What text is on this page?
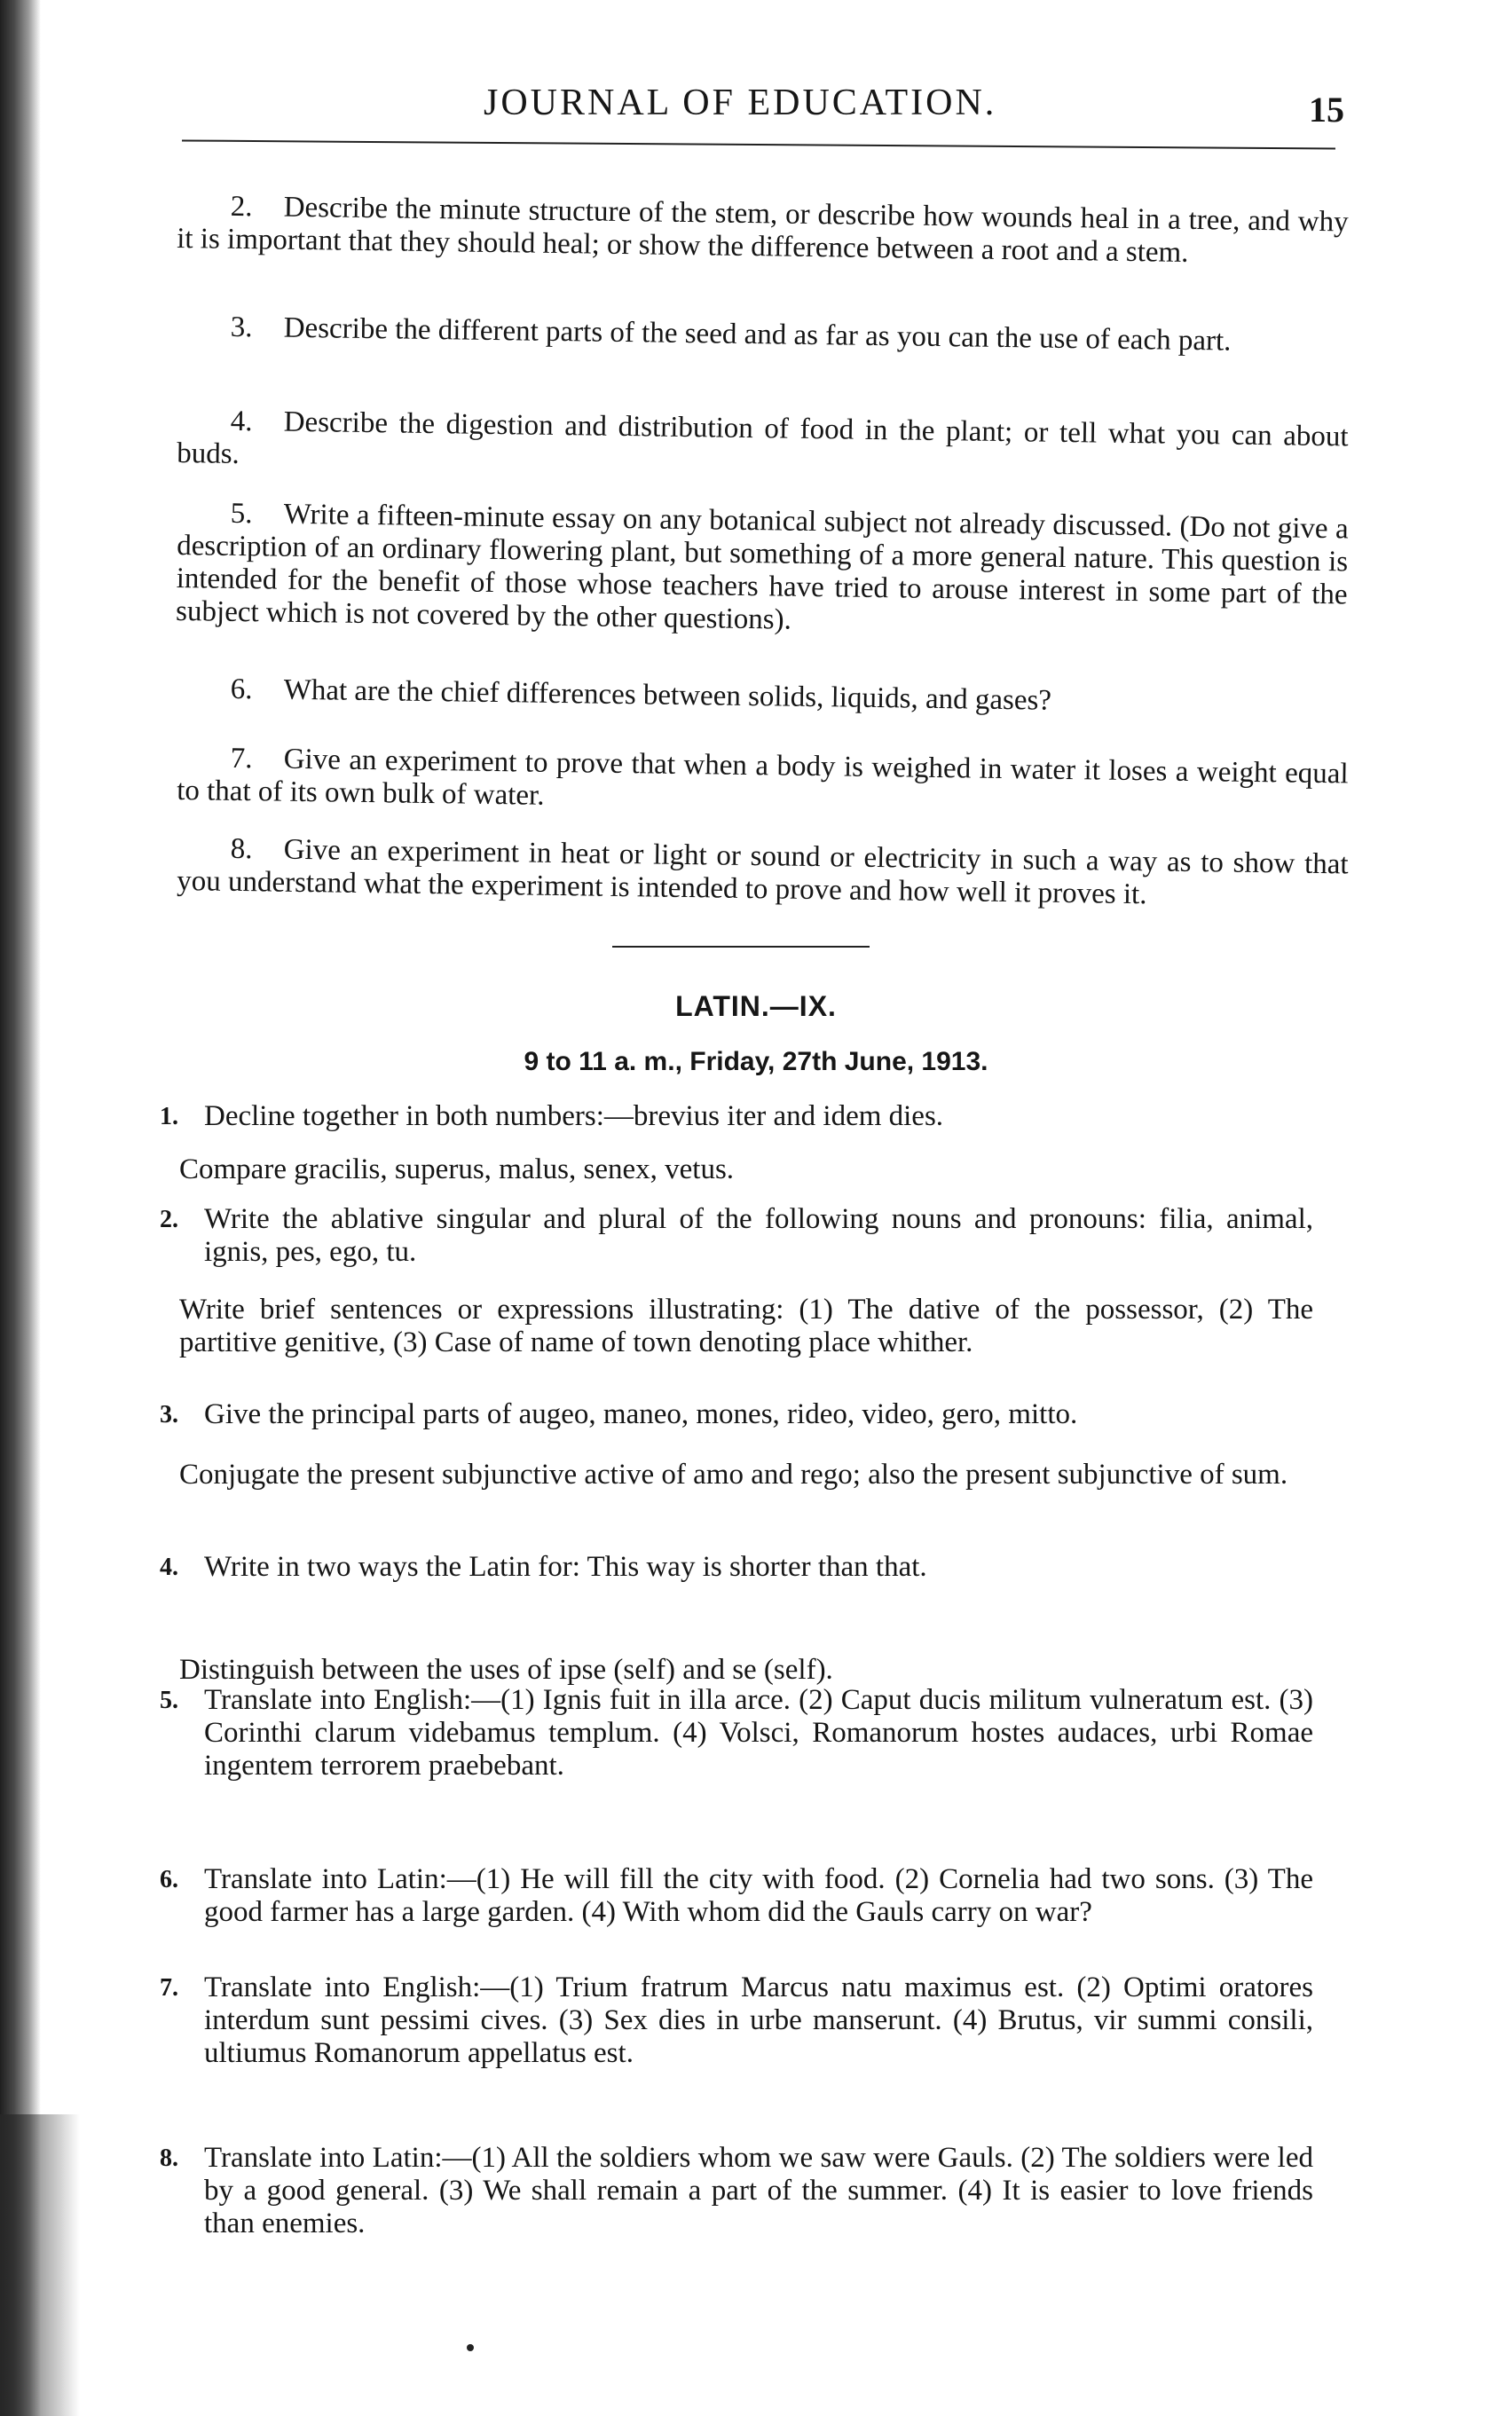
JOURNAL OF EDUCATION.	15
2. Describe the minute structure of the stem, or describe how wounds heal in a tree, and why it is important that they should heal; or show the difference between a root and a stem.
3. Describe the different parts of the seed and as far as you can the use of each part.
4. Describe the digestion and distribution of food in the plant; or tell what you can about buds.
5. Write a fifteen-minute essay on any botanical subject not already discussed. (Do not give a description of an ordinary flowering plant, but something of a more general nature. This question is intended for the benefit of those whose teachers have tried to arouse interest in some part of the subject which is not covered by the other questions).
6. What are the chief differences between solids, liquids, and gases?
7. Give an experiment to prove that when a body is weighed in water it loses a weight equal to that of its own bulk of water.
8. Give an experiment in heat or light or sound or electricity in such a way as to show that you understand what the experiment is intended to prove and how well it proves it.
LATIN.—IX.
9 to 11 a. m., Friday, 27th June, 1913.
1. Decline together in both numbers:—brevius iter and idem dies.
Compare gracilis, superus, malus, senex, vetus.
2. Write the ablative singular and plural of the following nouns and pronouns: filia, animal, ignis, pes, ego, tu.
Write brief sentences or expressions illustrating: (1) The dative of the possessor, (2) The partitive genitive, (3) Case of name of town denoting place whither.
3. Give the principal parts of augeo, maneo, mones, rideo, video, gero, mitto.
Conjugate the present subjunctive active of amo and rego; also the present subjunctive of sum.
4. Write in two ways the Latin for: This way is shorter than that.
Distinguish between the uses of ipse (self) and se (self).
5. Translate into English:—(1) Ignis fuit in illa arce. (2) Caput ducis militum vulneratum est. (3) Corinthi clarum videbamus templum. (4) Volsci, Romanorum hostes audaces, urbi Romae ingentem terrorem praebebant.
6. Translate into Latin:—(1) He will fill the city with food. (2) Cornelia had two sons. (3) The good farmer has a large garden. (4) With whom did the Gauls carry on war?
7. Translate into English:—(1) Trium fratrum Marcus natu maximus est. (2) Optimi oratores interdum sunt pessimi cives. (3) Sex dies in urbe manserunt. (4) Brutus, vir summi consili, ultiumus Romanorum appellatus est.
8. Translate into Latin:—(1) All the soldiers whom we saw were Gauls. (2) The soldiers were led by a good general. (3) We shall remain a part of the summer. (4) It is easier to love friends than enemies.
